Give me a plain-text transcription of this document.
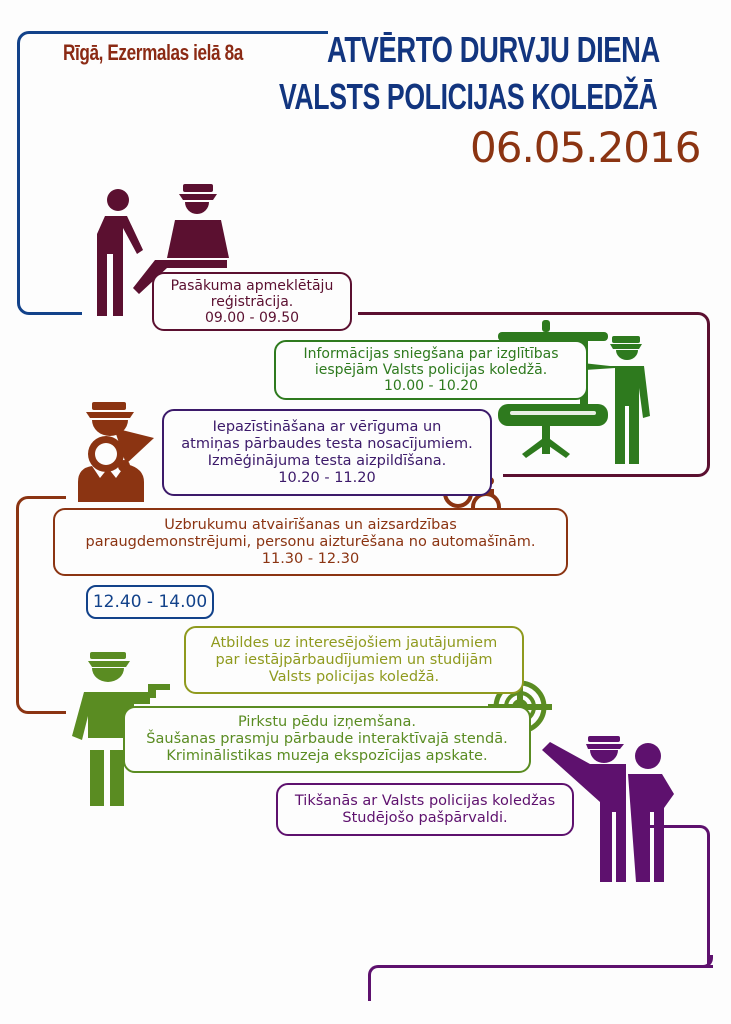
Rīgā, Ezermalas ielā 8a ATVĒRTO DURVJU DIENA
VALSTS POLICIJAS KOLEDŽĀ
06.05.2016
Pasākuma apmeklētāju
reģistrācija.
09.00 - 09.50
Informācijas sniegšana par izglītības
iespējām Valsts policijas koledžā.
10.00 - 10.20
Iepazīstināšana ar vērīguma un
atmiņas pārbaudes testa nosacījumiem.
Izmēģinājuma testa aizpildīšana.
10.20 - 11.20
Uzbrukumu atvairīšanas un aizsardzības
paraugdemonstrējumi, personu aizturēšana no automašīnām.
11.30 - 12.30
12.40 - 14.00
Atbildes uz interesējošiem jautājumiem
par iestājpārbaudījumiem un studijām
Valsts policijas koledžā.
Pirkstu pēdu izņemšana.
Šaušanas prasmju pārbaude interaktīvajā stendā.
Kriminālistikas muzeja ekspozīcijas apskate.
Tikšanās ar Valsts policijas koledžas
Studējošo pašpārvaldi.
